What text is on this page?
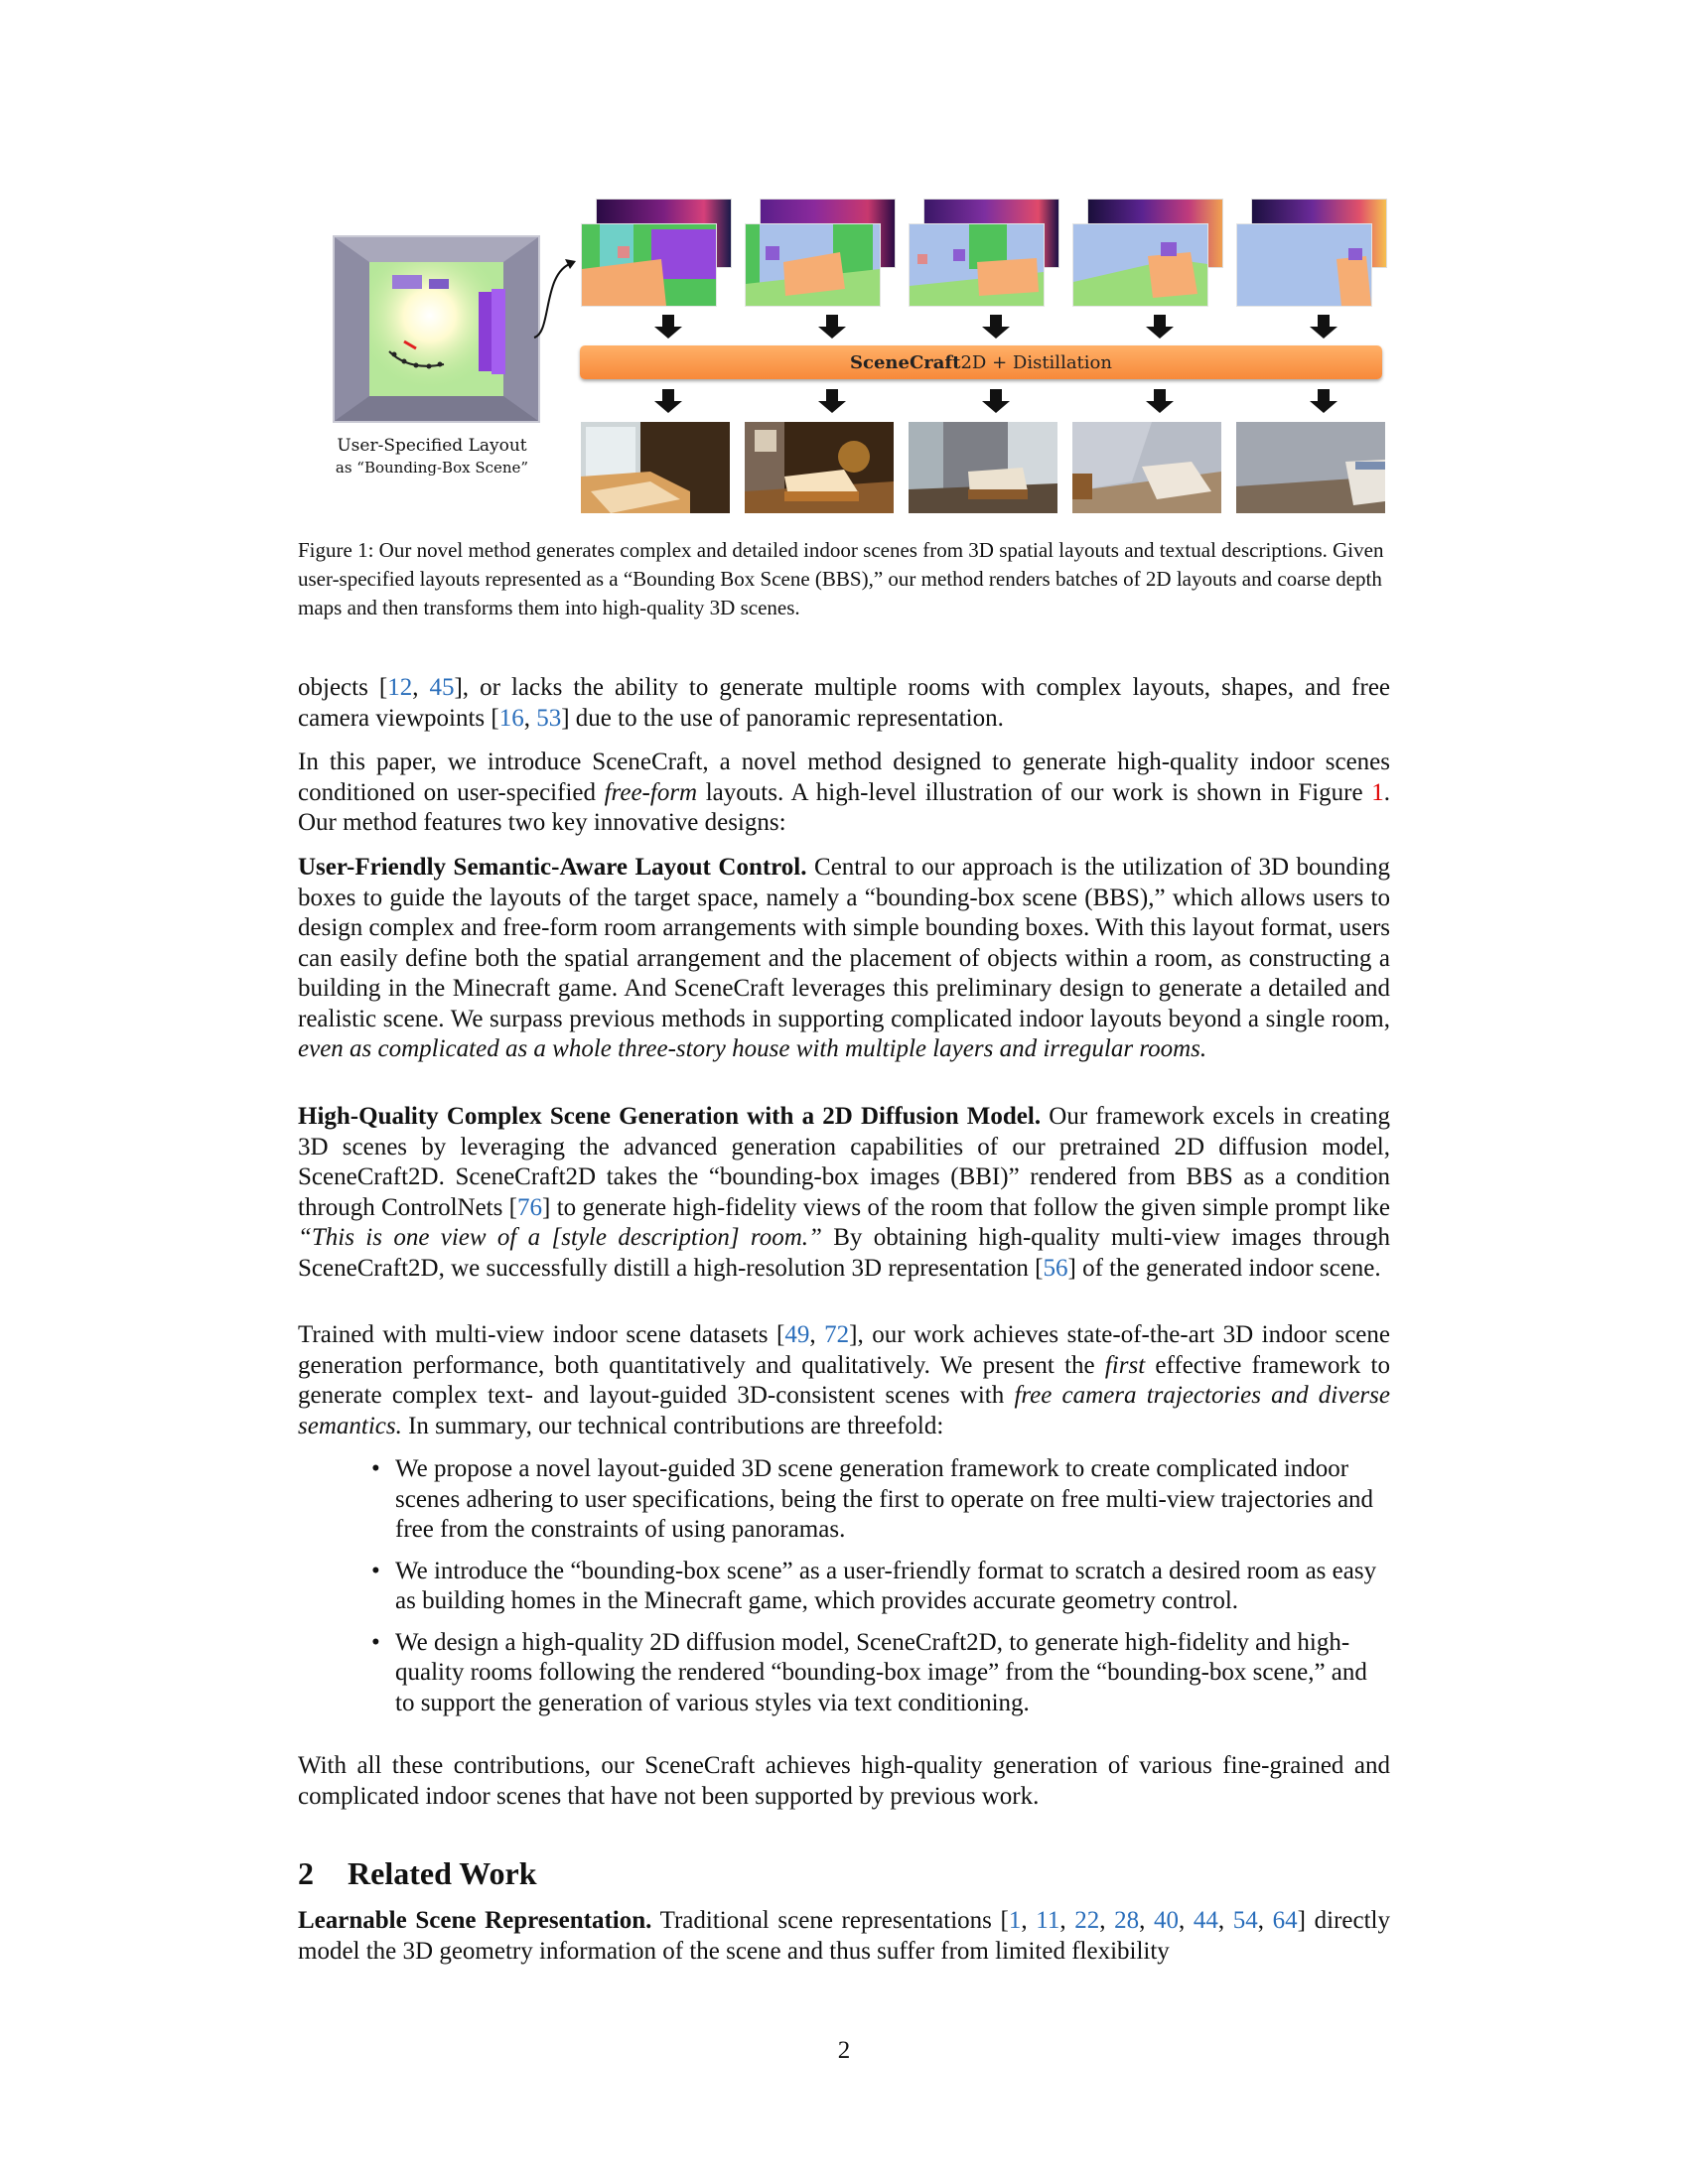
User-Specified Layout
as “Bounding-Box Scene”
SceneCraft 2D + Distillation
Figure 1: Our novel method generates complex and detailed indoor scenes from 3D spatial layouts and textual descriptions. Given user-specified layouts represented as a “Bounding Box Scene (BBS),” our method renders batches of 2D layouts and coarse depth maps and then transforms them into high-quality 3D scenes.

objects [12, 45], or lacks the ability to generate multiple rooms with complex layouts, shapes, and free camera viewpoints [16, 53] due to the use of panoramic representation.

In this paper, we introduce SceneCraft, a novel method designed to generate high-quality indoor scenes conditioned on user-specified free-form layouts. A high-level illustration of our work is shown in Figure 1. Our method features two key innovative designs:

User-Friendly Semantic-Aware Layout Control. Central to our approach is the utilization of 3D bounding boxes to guide the layouts of the target space, namely a “bounding-box scene (BBS),” which allows users to design complex and free-form room arrangements with simple bounding boxes. With this layout format, users can easily define both the spatial arrangement and the placement of objects within a room, as constructing a building in the Minecraft game. And SceneCraft leverages this preliminary design to generate a detailed and realistic scene. We surpass previous methods in supporting complicated indoor layouts beyond a single room, even as complicated as a whole three-story house with multiple layers and irregular rooms.

High-Quality Complex Scene Generation with a 2D Diffusion Model. Our framework excels in creating 3D scenes by leveraging the advanced generation capabilities of our pretrained 2D diffusion model, SceneCraft2D. SceneCraft2D takes the “bounding-box images (BBI)” rendered from BBS as a condition through ControlNets [76] to generate high-fidelity views of the room that follow the given simple prompt like “This is one view of a [style description] room.” By obtaining high-quality multi-view images through SceneCraft2D, we successfully distill a high-resolution 3D representation [56] of the generated indoor scene.

Trained with multi-view indoor scene datasets [49, 72], our work achieves state-of-the-art 3D indoor scene generation performance, both quantitatively and qualitatively. We present the first effective framework to generate complex text- and layout-guided 3D-consistent scenes with free camera trajectories and diverse semantics. In summary, our technical contributions are threefold:

• We propose a novel layout-guided 3D scene generation framework to create complicated indoor scenes adhering to user specifications, being the first to operate on free multi-view trajectories and free from the constraints of using panoramas.
• We introduce the “bounding-box scene” as a user-friendly format to scratch a desired room as easy as building homes in the Minecraft game, which provides accurate geometry control.
• We design a high-quality 2D diffusion model, SceneCraft2D, to generate high-fidelity and high-quality rooms following the rendered “bounding-box image” from the “bounding-box scene,” and to support the generation of various styles via text conditioning.

With all these contributions, our SceneCraft achieves high-quality generation of various fine-grained and complicated indoor scenes that have not been supported by previous work.

2 Related Work

Learnable Scene Representation. Traditional scene representations [1, 11, 22, 28, 40, 44, 54, 64] directly model the 3D geometry information of the scene and thus suffer from limited flexibility

2
